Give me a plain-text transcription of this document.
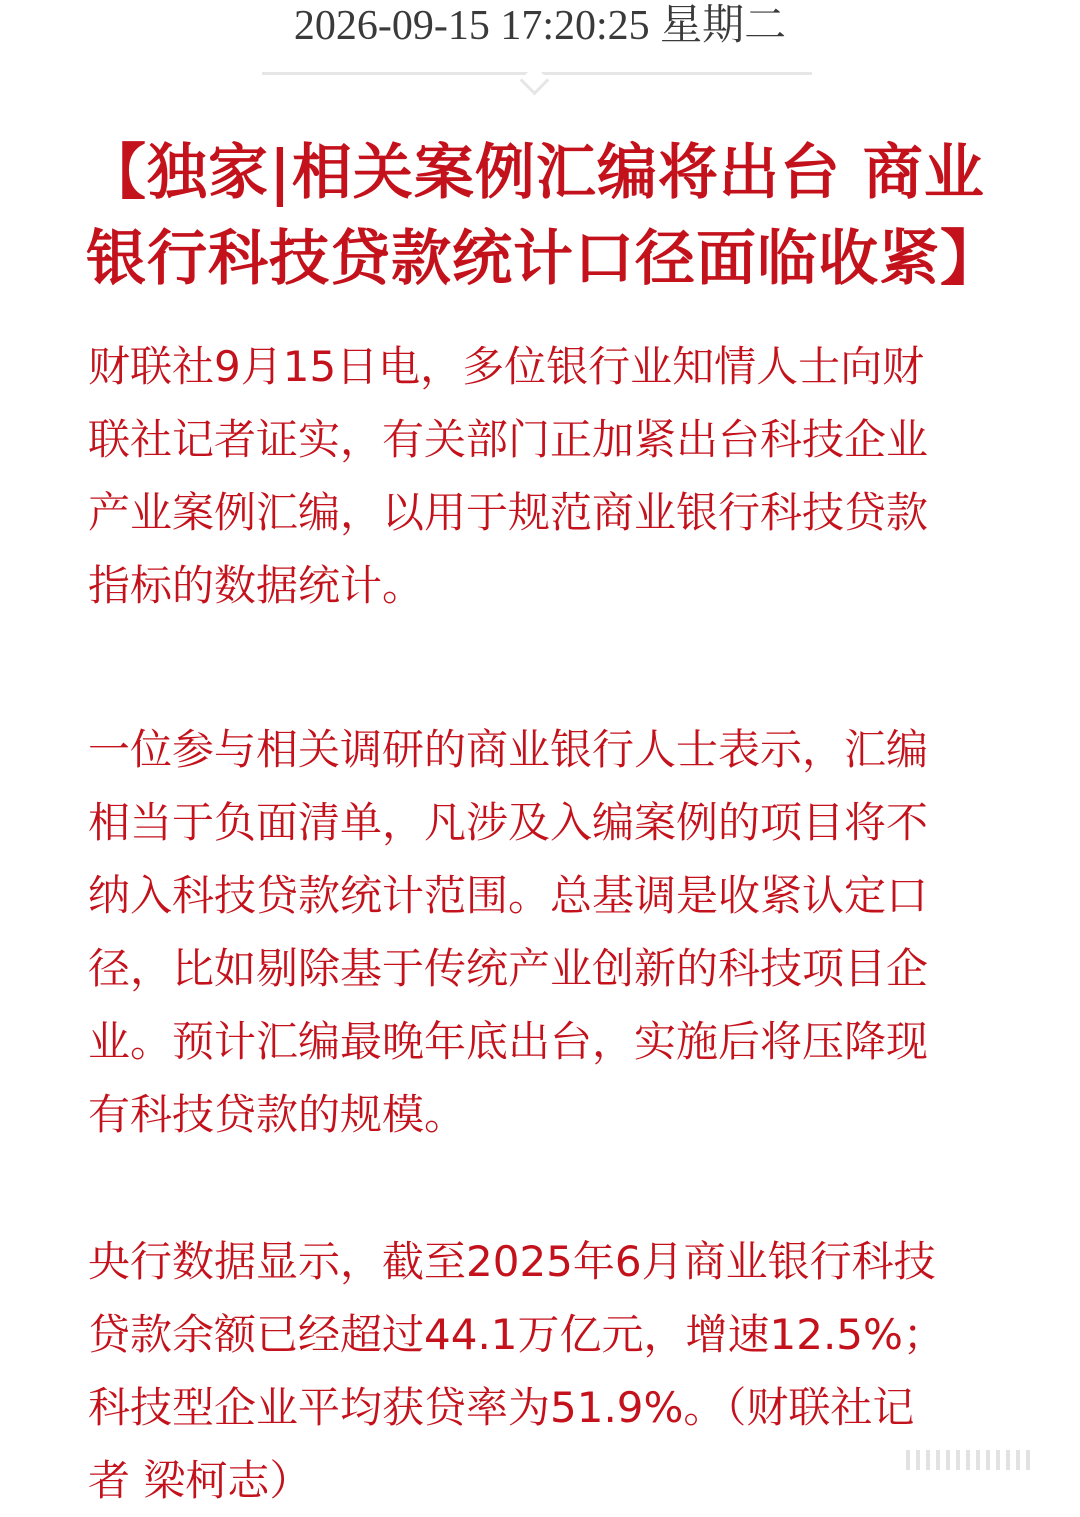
2026-09-15 17:20:25 星期二
【独家|相关案例汇编将出台 商业
银行科技贷款统计口径面临收紧】
财联社9月15日电，多位银行业知情人士向财
联社记者证实，有关部门正加紧出台科技企业
产业案例汇编，以用于规范商业银行科技贷款
指标的数据统计。
一位参与相关调研的商业银行人士表示，汇编
相当于负面清单，凡涉及入编案例的项目将不
纳入科技贷款统计范围。总基调是收紧认定口
径，比如剔除基于传统产业创新的科技项目企
业。预计汇编最晚年底出台，实施后将压降现
有科技贷款的规模。
央行数据显示，截至2025年6月商业银行科技
贷款余额已经超过44.1万亿元，增速12.5%；
科技型企业平均获贷率为51.9%。（财联社记
者 梁柯志）
